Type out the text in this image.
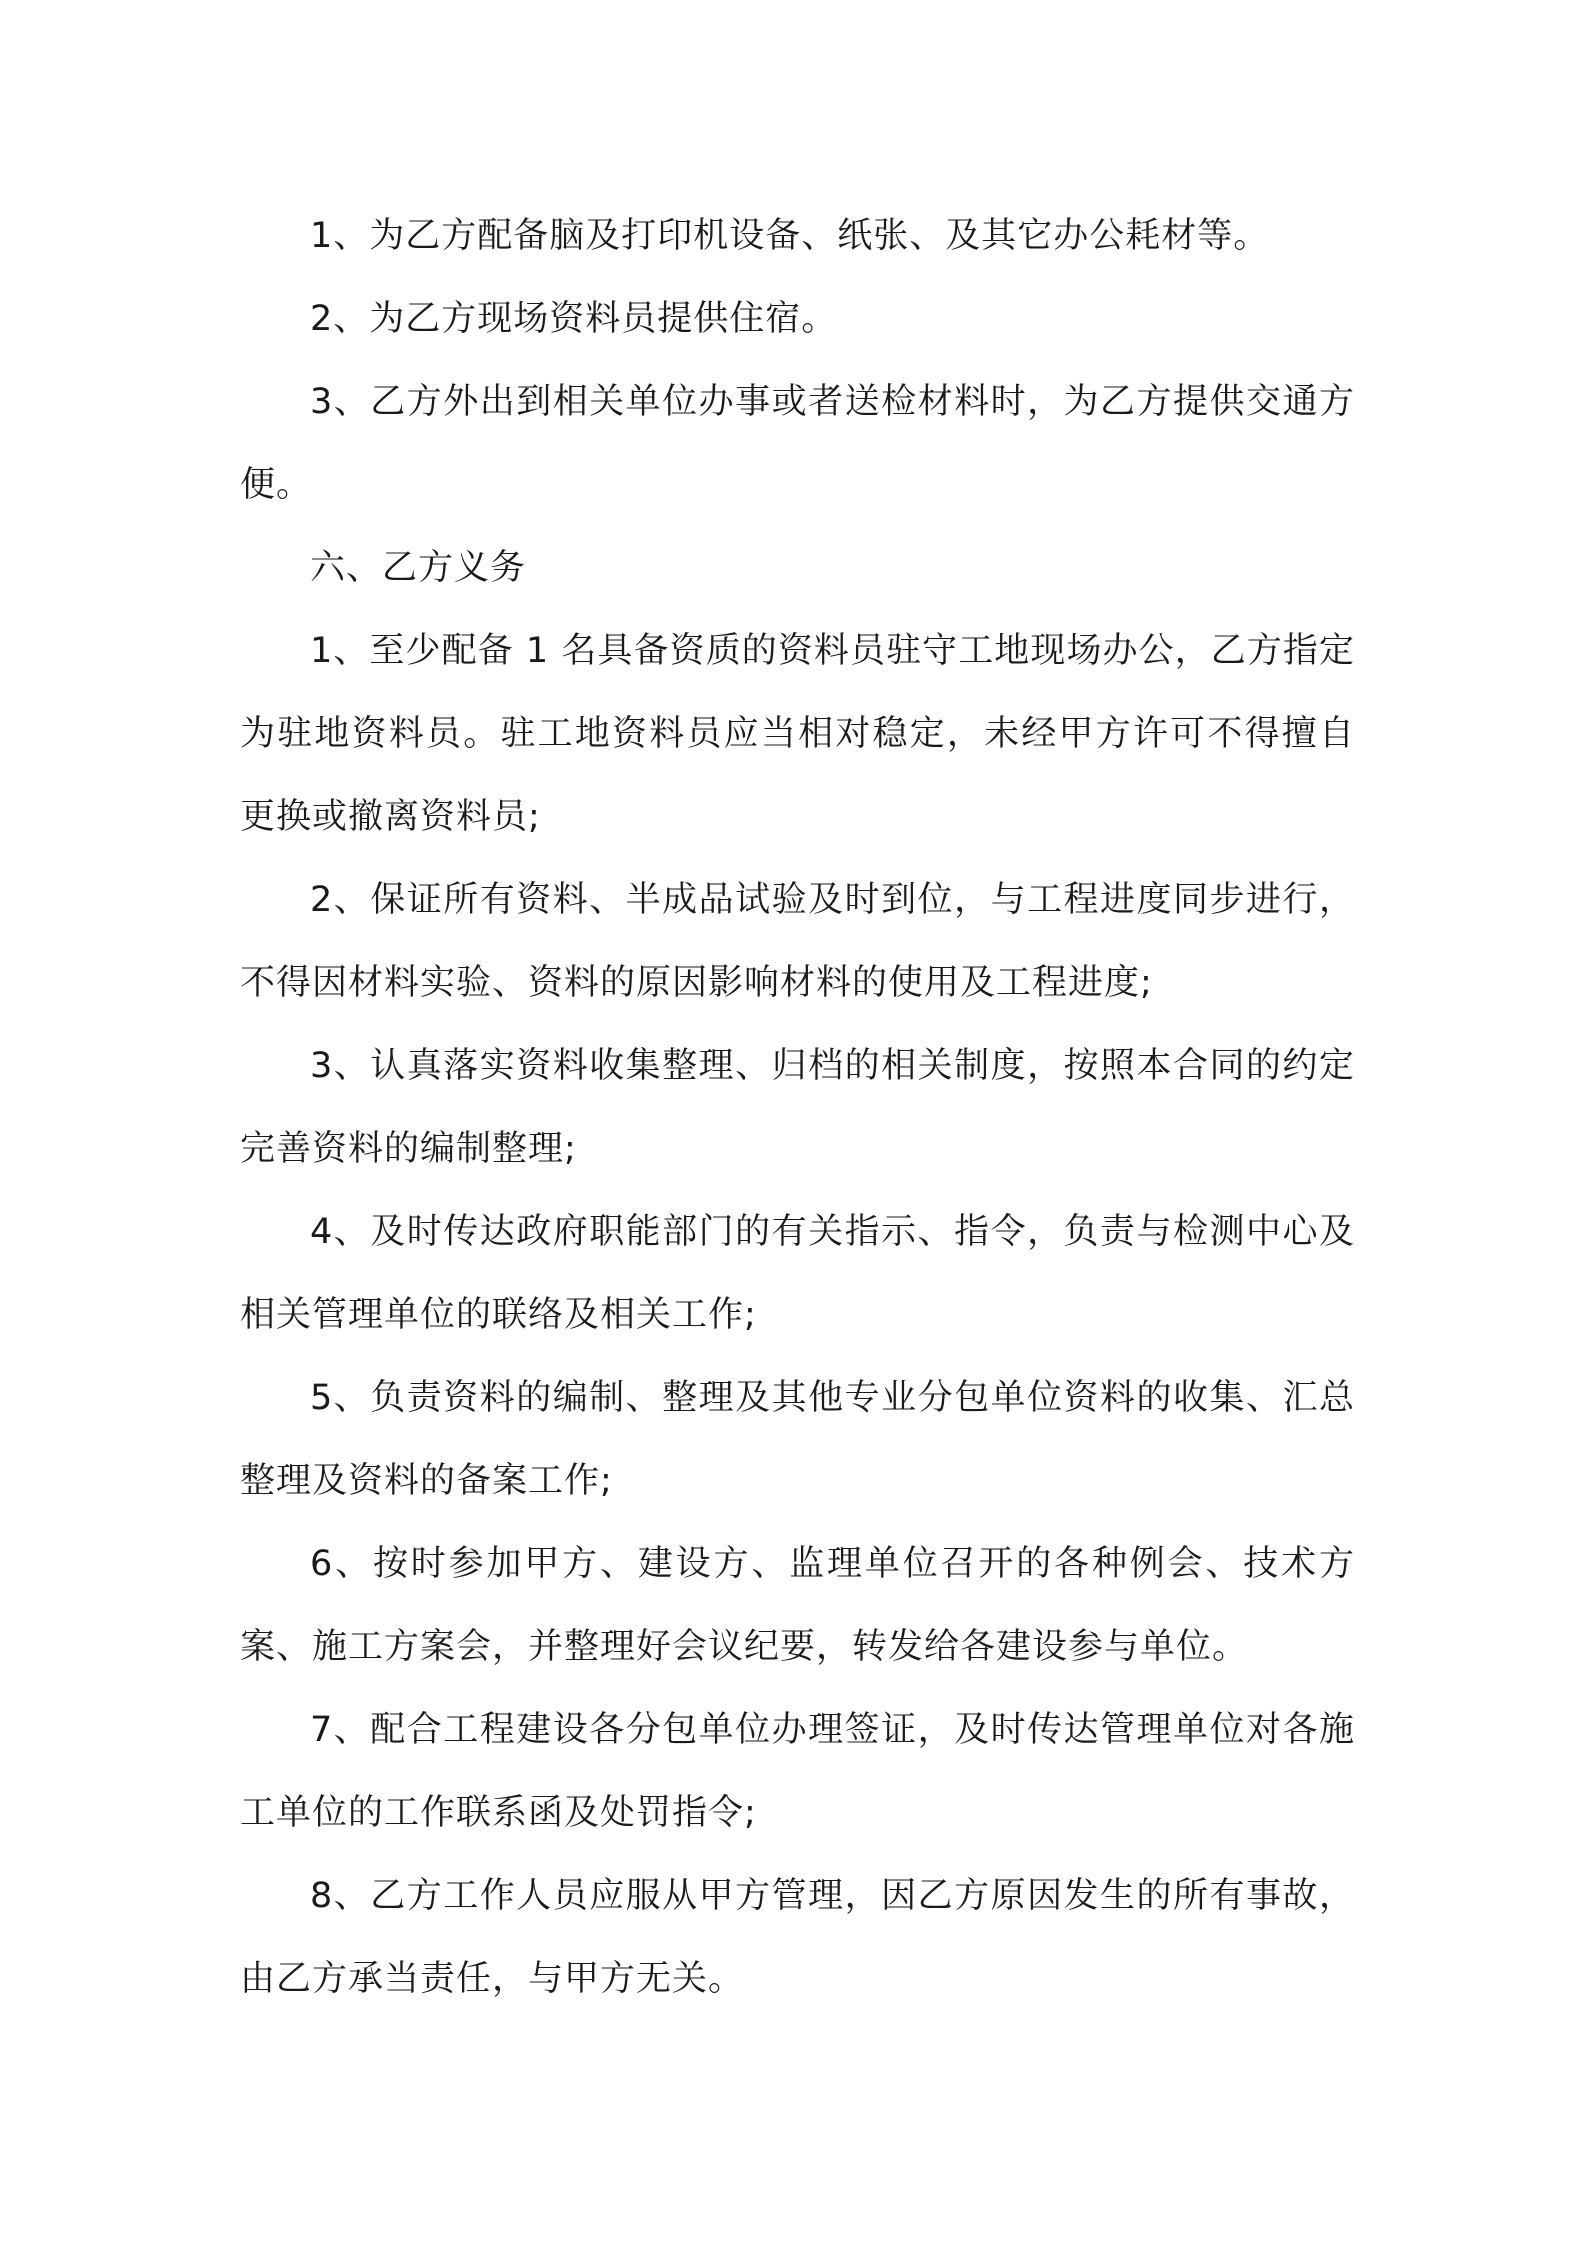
1、为乙方配备脑及打印机设备、纸张、及其它办公耗材等。

2、为乙方现场资料员提供住宿。

3、乙方外出到相关单位办事或者送检材料时，为乙方提供交通方便。

六、乙方义务

1、至少配备 1 名具备资质的资料员驻守工地现场办公，乙方指定为驻地资料员。驻工地资料员应当相对稳定，未经甲方许可不得擅自更换或撤离资料员;

2、保证所有资料、半成品试验及时到位，与工程进度同步进行，不得因材料实验、资料的原因影响材料的使用及工程进度;

3、认真落实资料收集整理、归档的相关制度，按照本合同的约定完善资料的编制整理;

4、及时传达政府职能部门的有关指示、指令，负责与检测中心及相关管理单位的联络及相关工作;

5、负责资料的编制、整理及其他专业分包单位资料的收集、汇总整理及资料的备案工作;

6、按时参加甲方、建设方、监理单位召开的各种例会、技术方案、施工方案会，并整理好会议纪要，转发给各建设参与单位。

7、配合工程建设各分包单位办理签证，及时传达管理单位对各施工单位的工作联系函及处罚指令;

8、乙方工作人员应服从甲方管理，因乙方原因发生的所有事故，由乙方承当责任，与甲方无关。
